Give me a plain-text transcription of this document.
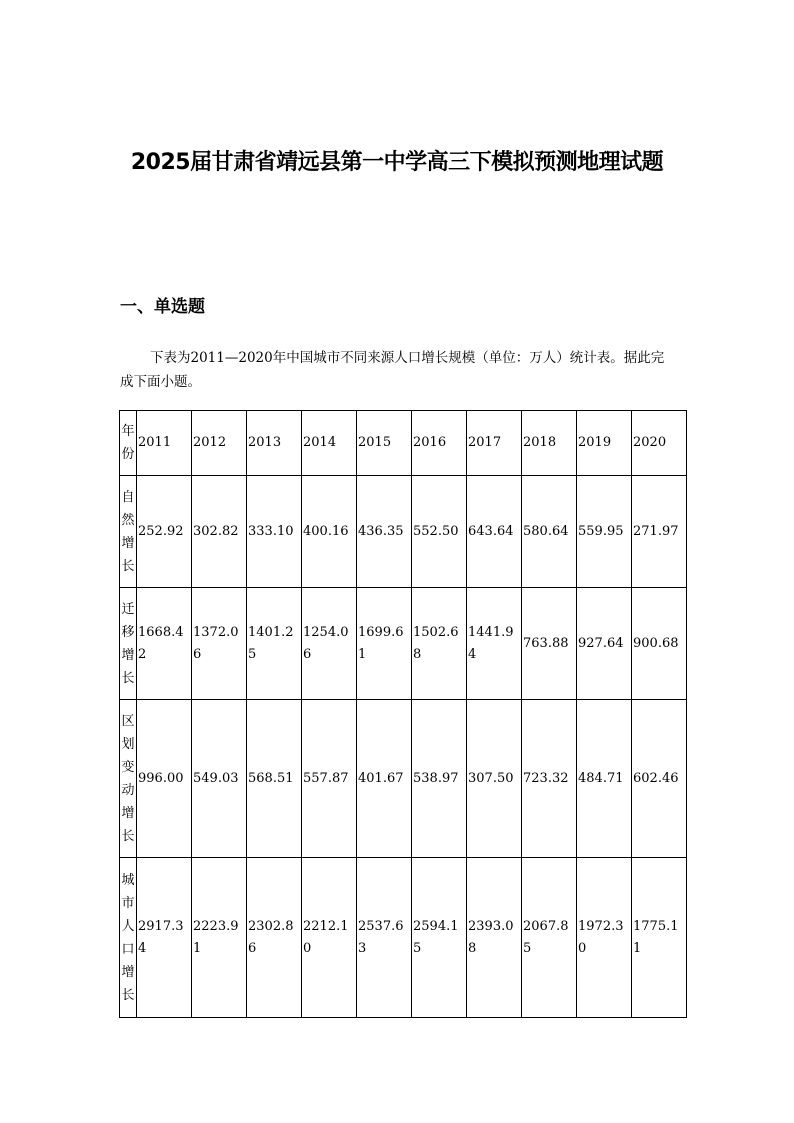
2025届甘肃省靖远县第一中学高三下模拟预测地理试题
一、单选题
下表为2011—2020年中国城市不同来源人口增长规模（单位：万人）统计表。据此完成下面小题。
年份	2011	2012	2013	2014	2015	2016	2017	2018	2019	2020

自然增长	252.92	302.82	333.10	400.16	436.35	552.50	643.64	580.64	559.95	271.97

迁移增长	1668.42	1372.06	1401.25	1254.06	1699.61	1502.68	1441.94	763.88	927.64	900.68

区划变动增长	996.00	549.03	568.51	557.87	401.67	538.97	307.50	723.32	484.71	602.46

城市人口增长	2917.34	2223.91	2302.86	2212.10	2537.63	2594.15	2393.08	2067.85	1972.30	1775.11
